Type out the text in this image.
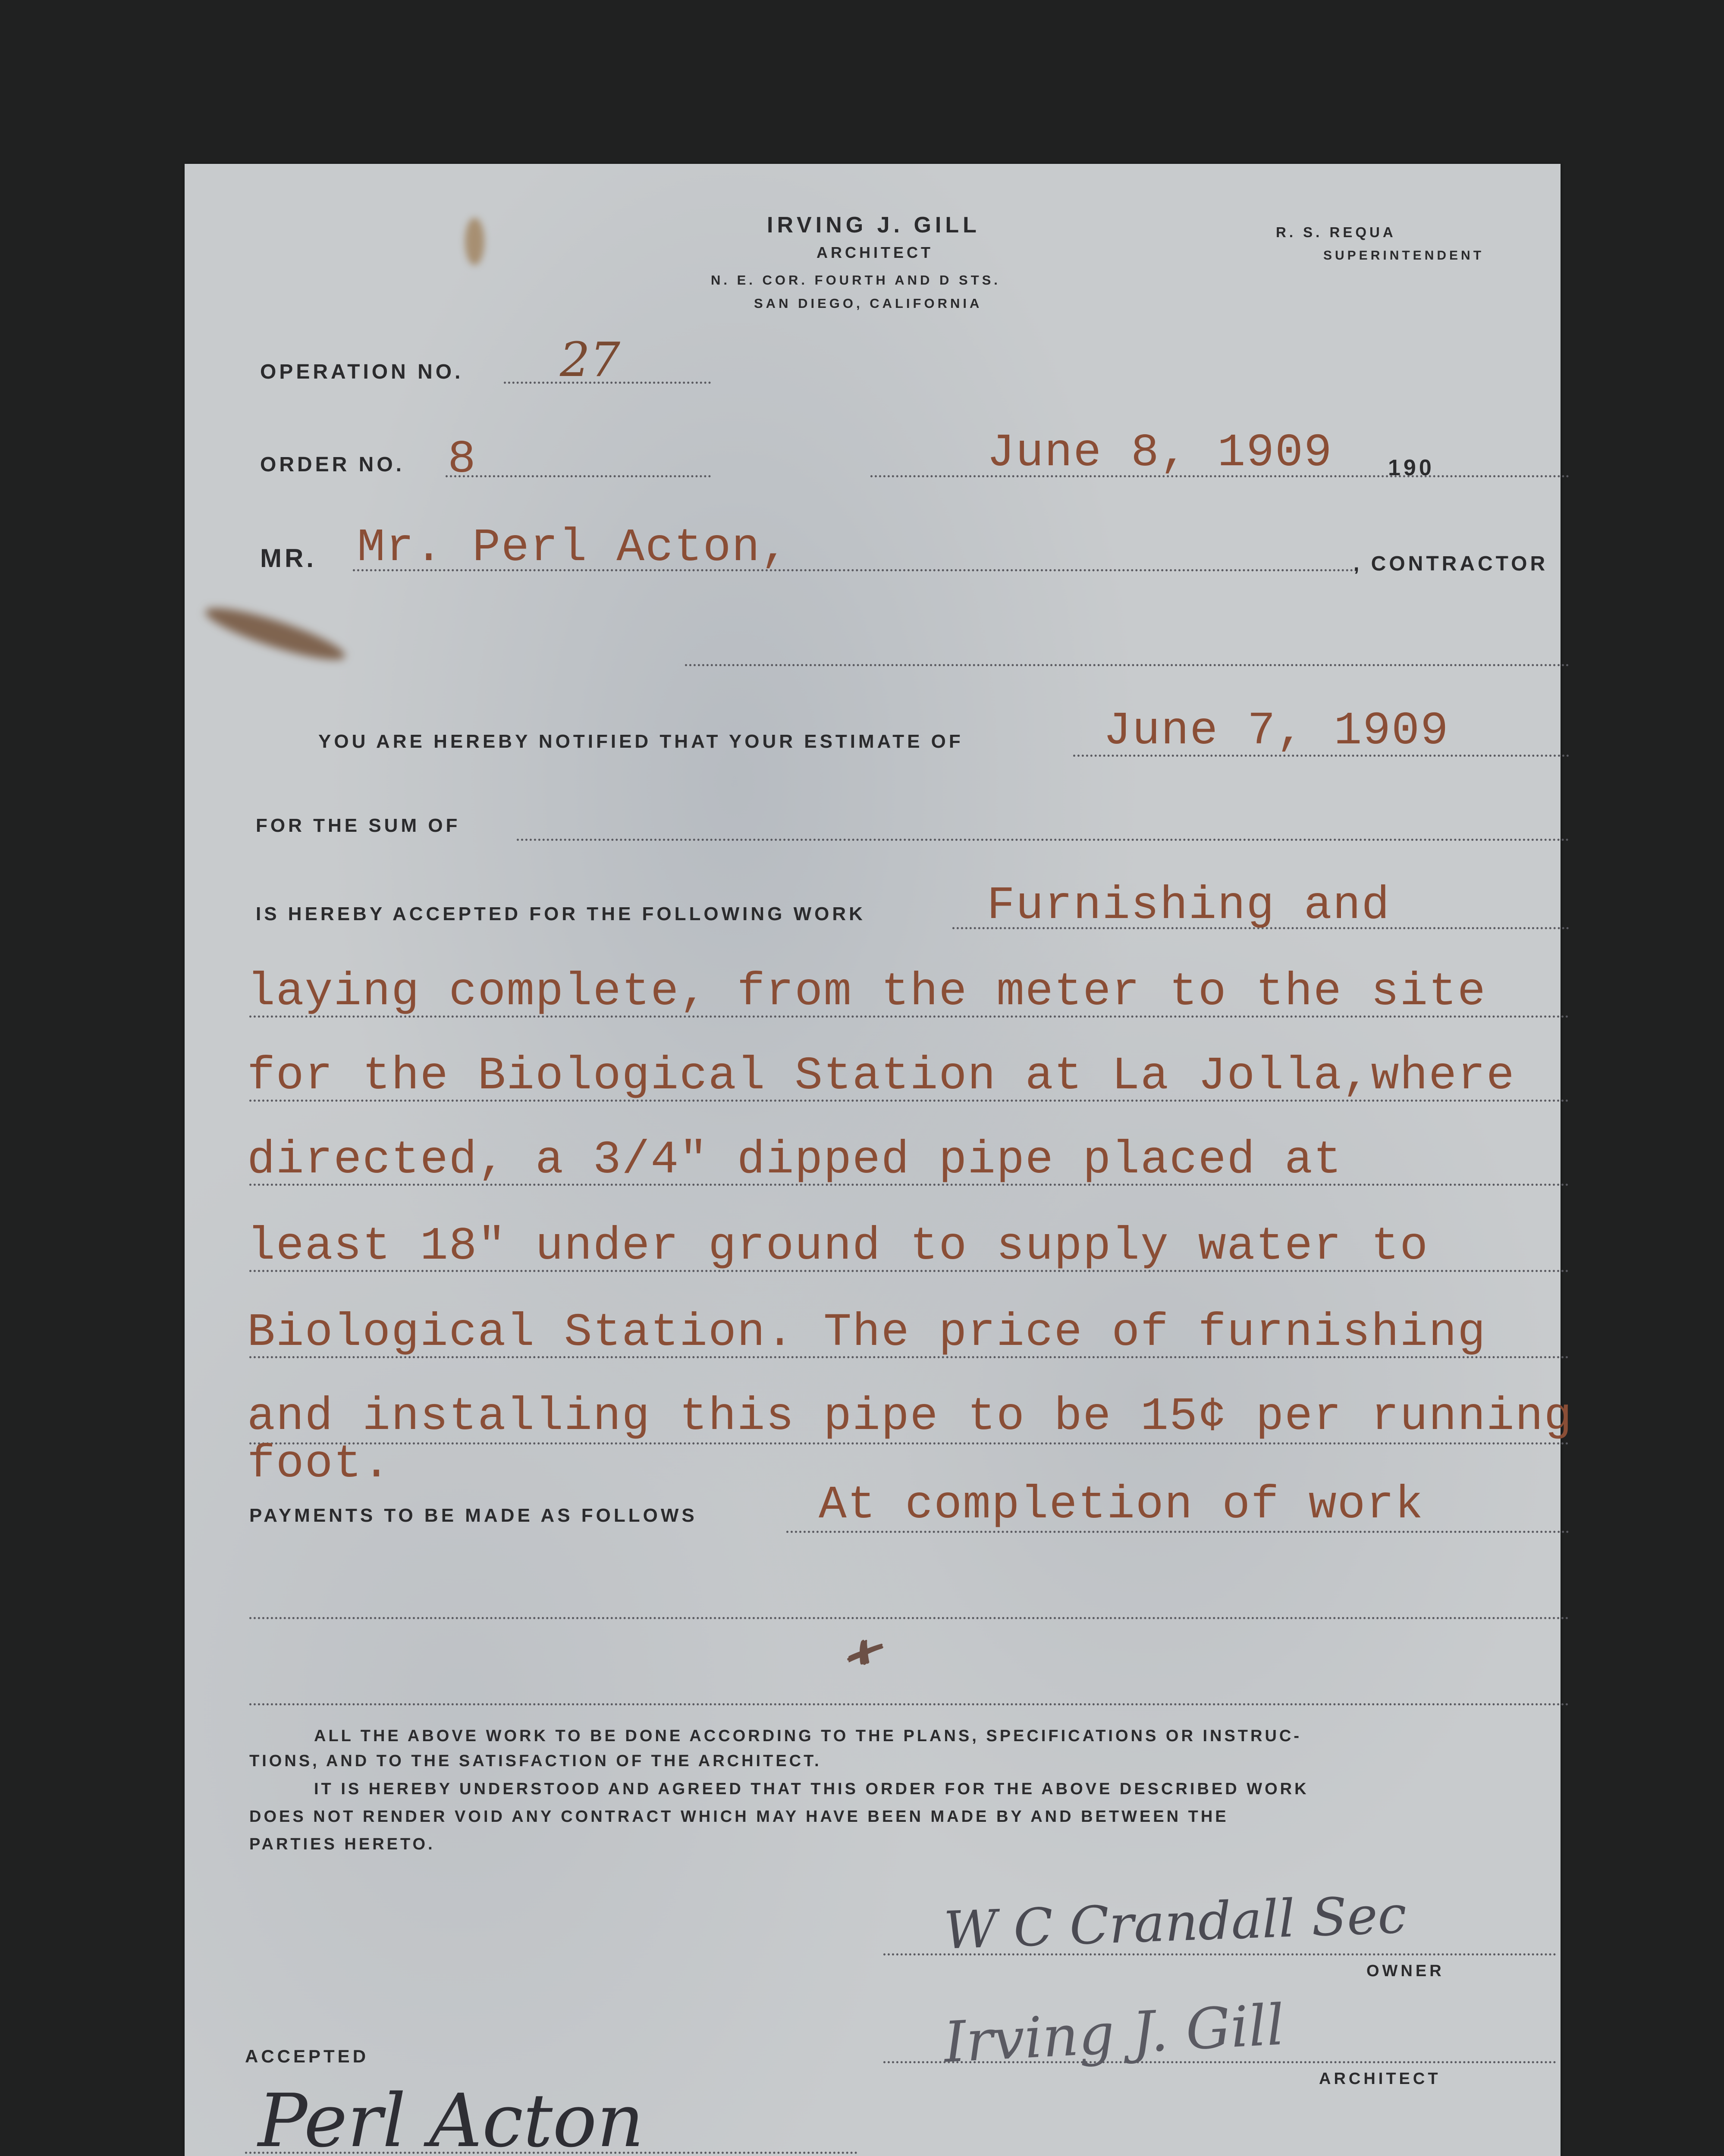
IRVING J. GILL
ARCHITECT
N. E. COR. FOURTH AND D STS.
SAN DIEGO, CALIFORNIA
R. S. REQUA
SUPERINTENDENT
OPERATION NO. 27
ORDER NO. 8	June 8, 1909 190
MR. Mr. Perl Acton,	, CONTRACTOR
YOU ARE HEREBY NOTIFIED THAT YOUR ESTIMATE OF	June 7, 1909
FOR THE SUM OF
IS HEREBY ACCEPTED FOR THE FOLLOWING WORK	Furnishing and
laying complete, from the meter to the site
for the Biological Station at La Jolla,where
directed, a 3/4" dipped pipe placed at
least 18" under ground to supply water to
Biological Station. The price of furnishing
and installing this pipe to be 15¢ per running
foot.
PAYMENTS TO BE MADE AS FOLLOWS	At completion of work
✘
ALL THE ABOVE WORK TO BE DONE ACCORDING TO THE PLANS, SPECIFICATIONS OR INSTRUC-
TIONS, AND TO THE SATISFACTION OF THE ARCHITECT.
IT IS HEREBY UNDERSTOOD AND AGREED THAT THIS ORDER FOR THE ABOVE DESCRIBED WORK
DOES NOT RENDER VOID ANY CONTRACT WHICH MAY HAVE BEEN MADE BY AND BETWEEN THE
PARTIES HERETO.
W C Crandall Sec
OWNER
Irving J. Gill
ARCHITECT
ACCEPTED
Perl Acton
